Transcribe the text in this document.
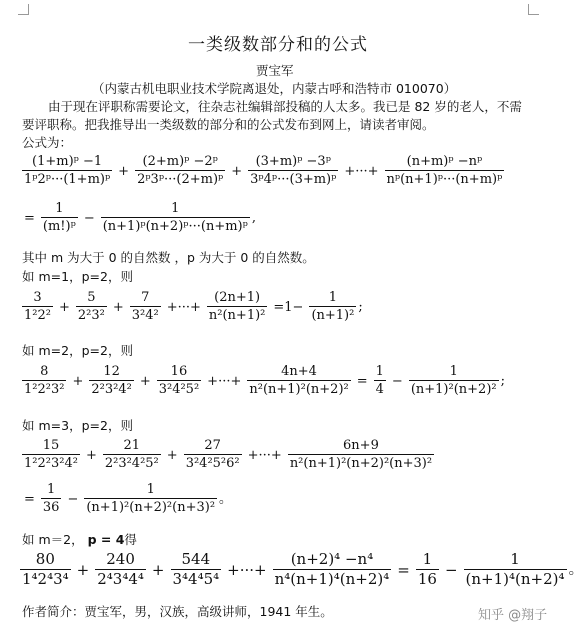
一类级数部分和的公式
贾宝军
（内蒙古机电职业技术学院离退处，内蒙古呼和浩特市 010070）
由于现在评职称需要论文，往杂志社编辑部投稿的人太多。我已是 82 岁的老人，不需
要评职称。把我推导出一类级数的部分和的公式发布到网上，请读者审阅。
公式为：
$\frac{\text{(1+m)ᵖ −1}}{\text{1ᵖ2ᵖ···(1+m)ᵖ}} + \frac{\text{(2+m)ᵖ −2ᵖ}}{\text{2ᵖ3ᵖ···(2+m)ᵖ}} + \frac{\text{(3+m)ᵖ −3ᵖ}}{\text{3ᵖ4ᵖ···(3+m)ᵖ}}$ +···+ $\frac{\text{(n+m)ᵖ −nᵖ}}{\text{nᵖ(n+1)ᵖ···(n+m)ᵖ}}$
= $\frac{1}{\text{(m!)ᵖ}} - \frac{1}{\text{(n+1)ᵖ(n+2)ᵖ···(n+m)ᵖ}}$ ,
其中 m 为大于 0 的自然数 ，p 为大于 0 的自然数。
如 m=1，p=2，则
$\frac{3}{\text{1²2²}} + \frac{5}{\text{2²3²}} + \frac{7}{\text{3²4²}}$ +···+ $\frac{(2n+1)}{\text{n²(n+1)²}} =1- \frac{1}{\text{(n+1)²}}$ ;
如 m=2，p=2，则
$\frac{8}{\text{1²2²3²}} + \frac{12}{\text{2²3²4²}} + \frac{16}{\text{3²4²5²}}$ +···+ $\frac{4n+4}{\text{n²(n+1)²(n+2)²}} = \frac{1}{4} - \frac{1}{\text{(n+1)²(n+2)²}}$ ;
如 m=3，p=2，则
$\frac{15}{\text{1²2²3²4²}} + \frac{21}{\text{2²3²4²5²}} + \frac{27}{\text{3²4²5²6²}}$ +···+ $\frac{6n+9}{\text{n²(n+1)²(n+2)²(n+3)²}}$
= $\frac{1}{36} - \frac{1}{\text{(n+1)²(n+2)²(n+3)²}}$ 。
如 m＝2， p = 4得
$\frac{80}{\text{1⁴2⁴3⁴}} + \frac{240}{\text{2⁴3⁴4⁴}} + \frac{544}{\text{3⁴4⁴5⁴}}$ +···+ $\frac{\text{(n+2)⁴ −n⁴}}{\text{n⁴(n+1)⁴(n+2)⁴}} = \frac{1}{16} - \frac{1}{\text{(n+1)⁴(n+2)⁴}}$ 。
作者简介：贾宝军，男，汉族，高级讲师，1941 年生。	知乎 @翔子
